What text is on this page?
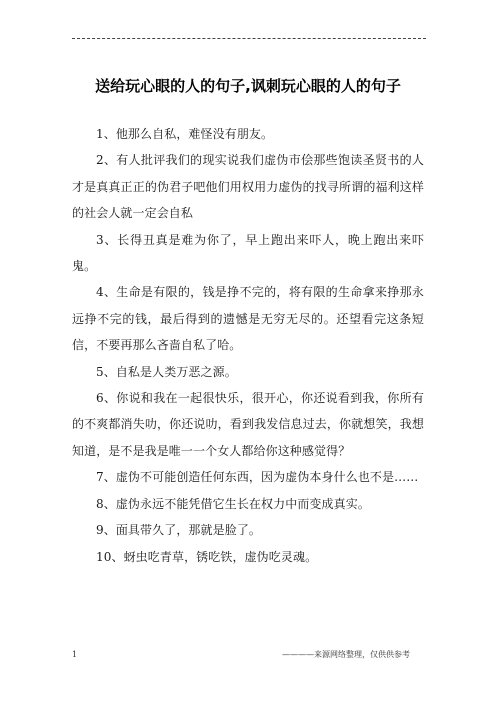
送给玩心眼的人的句子,讽刺玩心眼的人的句子

1、他那么自私，难怪没有朋友。

2、有人批评我们的现实说我们虚伪市侩那些饱读圣贤书的人才是真真正正的伪君子吧他们用权用力虚伪的找寻所谓的福利这样的社会人就一定会自私

3、长得丑真是难为你了，早上跑出来吓人，晚上跑出来吓鬼。

4、生命是有限的，钱是挣不完的，将有限的生命拿来挣那永远挣不完的钱，最后得到的遗憾是无穷无尽的。还望看完这条短信，不要再那么吝啬自私了哈。

5、自私是人类万恶之源。

6、你说和我在一起很快乐，很开心，你还说看到我，你所有的不爽都消失叻，你还说叻，看到我发信息过去，你就想笑，我想知道，是不是我是唯一一个女人都给你这种感觉得？

7、虚伪不可能创造任何东西，因为虚伪本身什么也不是……

8、虚伪永远不能凭借它生长在权力中而变成真实。

9、面具带久了，那就是脸了。

10、蚜虫吃青草，锈吃铁，虚伪吃灵魂。

1	————来源网络整理，仅供供参考
